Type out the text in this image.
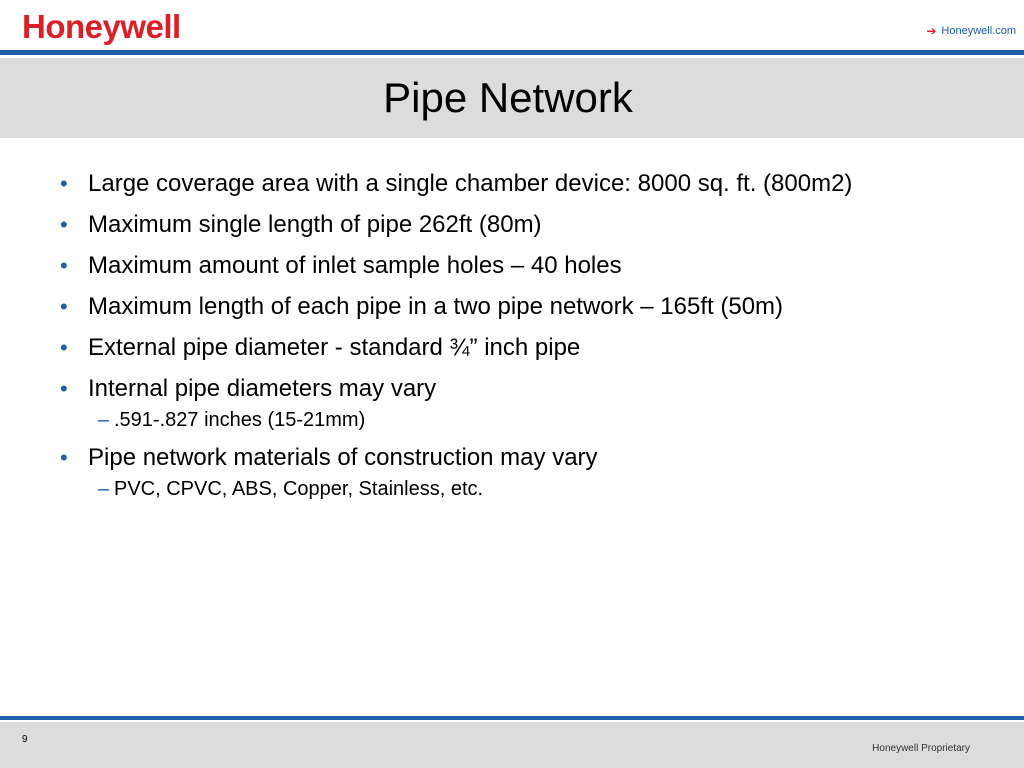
Honeywell	➔ Honeywell.com
Pipe Network
• Large coverage area with a single chamber device: 8000 sq. ft. (800m2)
• Maximum single length of pipe 262ft (80m)
• Maximum amount of inlet sample holes – 40 holes
• Maximum length of each pipe in a two pipe network – 165ft (50m)
• External pipe diameter - standard ¾” inch pipe
• Internal pipe diameters may vary
– .591-.827 inches (15-21mm)
• Pipe network materials of construction may vary
– PVC, CPVC, ABS, Copper, Stainless, etc.
9
Honeywell Proprietary
